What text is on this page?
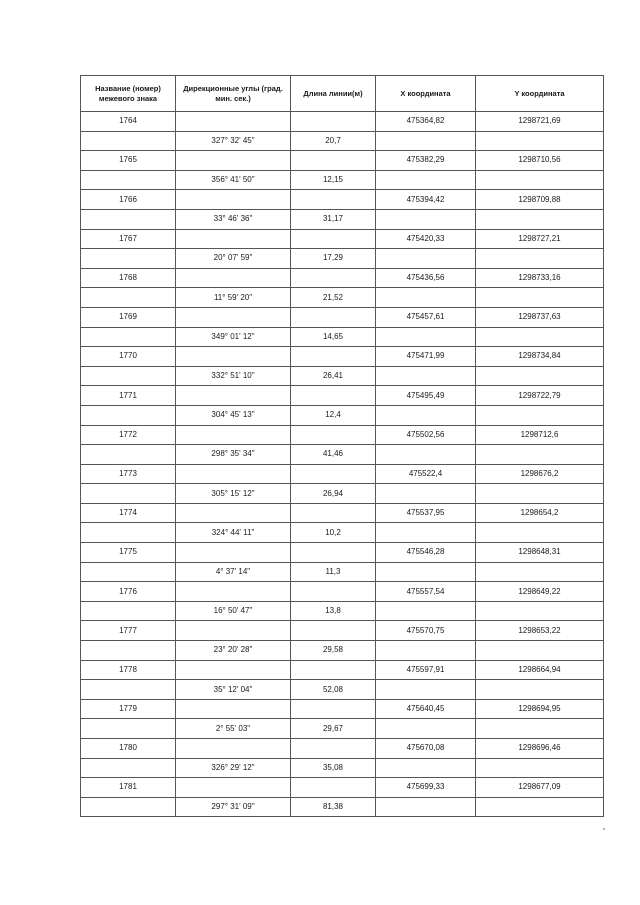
Название (номер) межевого знака	Дирекционные углы (град. мин. сек.)	Длина линии(м)	X координата	Y координата
1764			475364,82	1298721,69
	327° 32' 45"	20,7		
1765			475382,29	1298710,56
	356° 41' 50"	12,15		
1766			475394,42	1298709,88
	33° 46' 36"	31,17		
1767			475420,33	1298727,21
	20° 07' 59"	17,29		
1768			475436,56	1298733,16
	11° 59' 20"	21,52		
1769			475457,61	1298737,63
	349° 01' 12"	14,65		
1770			475471,99	1298734,84
	332° 51' 10"	26,41		
1771			475495,49	1298722,79
	304° 45' 13"	12,4		
1772			475502,56	1298712,6
	298° 35' 34"	41,46		
1773			475522,4	1298676,2
	305° 15' 12"	26,94		
1774			475537,95	1298654,2
	324° 44' 11"	10,2		
1775			475546,28	1298648,31
	4° 37' 14"	11,3		
1776			475557,54	1298649,22
	16° 50' 47"	13,8		
1777			475570,75	1298653,22
	23° 20' 28"	29,58		
1778			475597,91	1298664,94
	35° 12' 04"	52,08		
1779			475640,45	1298694,95
	2° 55' 03"	29,67		
1780			475670,08	1298696,46
	326° 29' 12"	35,08		
1781			475699,33	1298677,09
	297° 31' 09"	81,38		
